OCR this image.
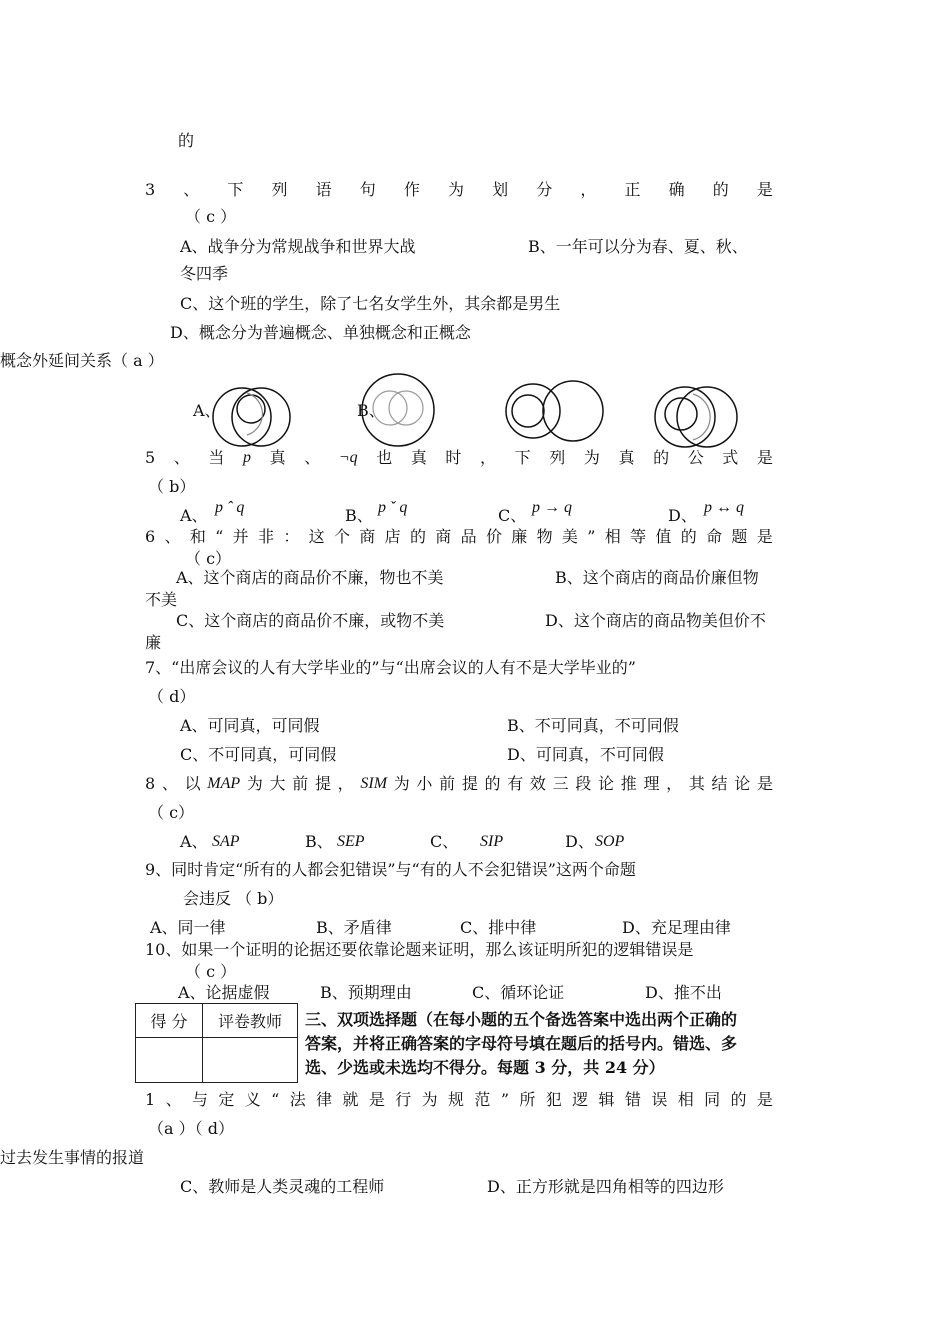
的
3 、 下 列 语 句 作 为 划 分 ， 正 确 的 是
（ c ）
A、战争分为常规战争和世界大战	B、一年可以分为春、夏、秋、
冬四季
C、这个班的学生，除了七名女学生外，其余都是男生
D、概念分为普遍概念、单独概念和正概念
概念外延间关系（ a ）
A、	B、
5 、 当 p 真 、 ¬q 也 真 时 ， 下 列 为 真 的 公 式 是
（ b）
A、 p ˆ q	B、 p ˇ q	C、 p → q	D、 p ↔ q
6 、 和 “ 并 非 ： 这 个 商 店 的 商 品 价 廉 物 美 ” 相 等 值 的 命 题 是
（ c）
A、这个商店的商品价不廉，物也不美	B、这个商店的商品价廉但物
不美
C、这个商店的商品价不廉，或物不美	D、这个商店的商品物美但价不
廉
7、“出席会议的人有大学毕业的”与“出席会议的人有不是大学毕业的”
（ d）
A、可同真，可同假	B、不可同真，不可同假
C、不可同真，可同假	D、可同真，不可同假
8 、 以 MAP 为 大 前 提 ， SIM 为 小 前 提 的 有 效 三 段 论 推 理 ， 其 结 论 是
（ c）
A、 SAP	B、 SEP	C、 SIP	D、 SOP
9、同时肯定“所有的人都会犯错误”与“有的人不会犯错误”这两个命题
会违反 （ b）
A、同一律	B、矛盾律	C、排中律	D、充足理由律
10、如果一个证明的论据还要依靠论题来证明，那么该证明所犯的逻辑错误是
（ c ）
A、论据虚假	B、预期理由	C、循环论证	D、推不出
得 分	评卷教师
	三、双项选择题（在每小题的五个备选答案中选出两个正确的
答案，并将正确答案的字母符号填在题后的括号内。错选、多
选、少选或未选均不得分。每题 3 分，共 24 分）
1 、 与 定 义 “ 法 律 就 是 行 为 规 范 ” 所 犯 逻 辑 错 误 相 同 的 是
（a ）（ d）
过去发生事情的报道
C、教师是人类灵魂的工程师	D、正方形就是四角相等的四边形
